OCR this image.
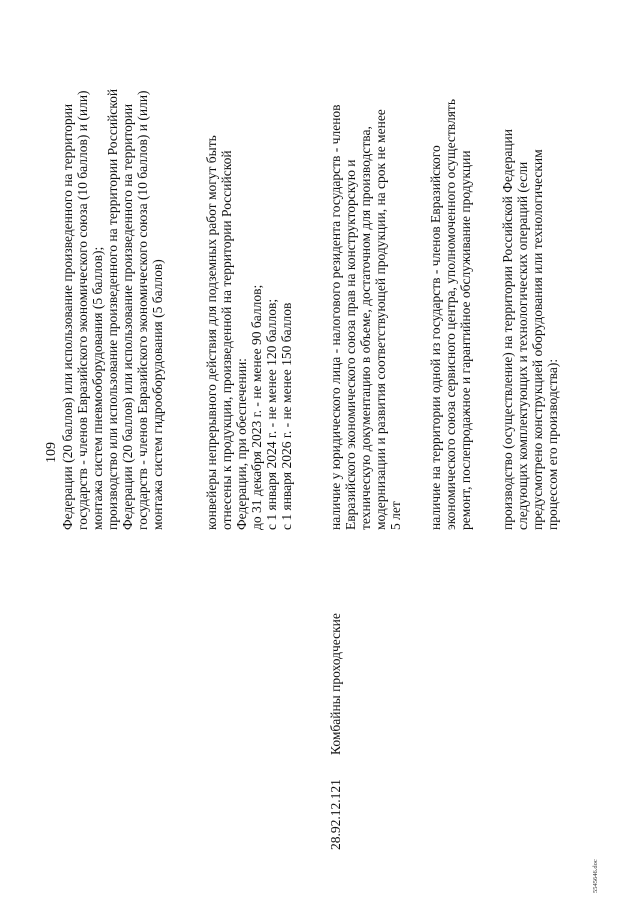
109
28.92.12.121
Комбайны проходческие
Федерации (20 баллов) или использование произведенного на территории государств - членов Евразийского экономического союза (10 баллов) и (или) монтажа систем пневмооборудования (5 баллов); производство или использование произведенного на территории Российской Федерации (20 баллов) или использование произведенного на территории государств - членов Евразийского экономического союза (10 баллов) и (или) монтажа систем гидрооборудования (5 баллов)	конвейеры непрерывного действия для подземных работ могут быть отнесены к продукции, произведенной на территории Российской Федерации, при обеспечении: до 31 декабря 2023 г. - не менее 90 баллов; с 1 января 2024 г. - не менее 120 баллов; с 1 января 2026 г. - не менее 150 баллов	наличие у юридического лица - налогового резидента государств - членов Евразийского экономического союза прав на конструкторскую и техническую документацию в объеме, достаточном для производства, модернизации и развития соответствующей продукции, на срок не менее 5 лет наличие на территории одной из государств - членов Евразийского экономического союза сервисного центра, уполномоченного осуществлять ремонт, послепродажное и гарантийное обслуживание продукции производство (осуществление) на территории Российской Федерации следующих комплектующих и технологических операций (если предусмотрено конструкцией оборудования или технологическим процессом его производства):
5545646.doc
